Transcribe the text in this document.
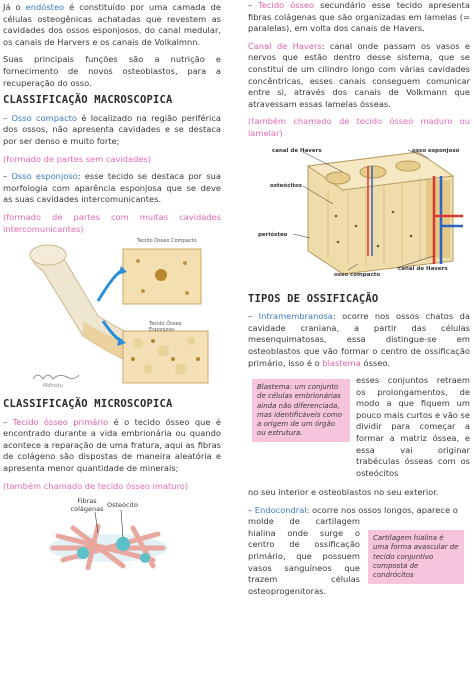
Já o endósteo é constituído por uma camada de células osteogênicas achatadas que revestem as cavidades dos ossos esponjosos, do canal medular, os canais de Harvers e os canais de Volkalmnn.

Suas principais funções são a nutrição e fornecimento de novos osteoblastos, para a recuperação do osso.

CLASSIFICAÇÃO MACROSCOPICA

– Osso compacto é localizado na região periférica dos ossos, não apresenta cavidades e se destaca por ser denso e muito forte;

(formado de partes sem cavidades)

– Osso esponjoso: esse tecido se destaca por sua morfologia com aparência esponjosa que se deve as suas cavidades intercomunicantes.

(formado de partes com muitas cavidades intercomunicantes)

Tecido Ósseo Compacto
Tecido Ósseo Esponjoso
Mdinstu
CLASSIFICAÇÃO MICROSCOPICA

– Tecido ósseo primário é o tecido ósseo que é encontrado durante a vida embrionária ou quando acontece a reparação de uma fratura, aqui as fibras de colágeno são dispostas de maneira aleatória e apresenta menor quantidade de minerais;

(também chamado de tecido ósseo imaturo)

Fibras colágenas Osteócito

– Tecido ósseo secundário esse tecido apresenta fibras colágenas que são organizadas em lamelas (= paralelas), em volta dos canais de Havers.

Canal de Havers: canal onde passam os vasos e nervos que estão dentro desse sistema, que se constitui de um cilindro longo com várias cavidades concêntricas, esses canais conseguem comunicar entre si, através dos canais de Volkmann que atravessam essas lamelas ósseas.

(também chamado de tecido ósseo maduro ou lamelar)

canal de Havers
osteócitos
osso esponjoso
periósteo
osso compacto
canal de Havers
TIPOS DE OSSIFICAÇÃO

– Intramembranosa: ocorre nos ossos chatos da cavidade craniana, a partir das células mesenquimatosas, essa distingue-se em osteoblastos que vão formar o centro de ossificação primário, isso é o blastema ósseo.

Blastema: um conjunto de células embrionárias ainda não diferenciada, mas identificáveis como a origem de um órgão ou estrutura.

esses conjuntos retraem os prolongamentos, de modo a que fiquem um pouco mais curtos e vão se dividir para começar a formar a matriz óssea, e essa vai originar trabéculas ósseas com os osteócitos

no seu interior e osteoblastos no seu exterior.

– Endocondral: ocorre nos ossos longos, aparece o

molde de cartilagem hialina onde surge o centro de ossificação primário, que possuem vasos sanguíneos que trazem células osteoprogenitoras.

Cartilagem hialina é uma forma avascular de tecido conjuntivo composta de condrócitos
